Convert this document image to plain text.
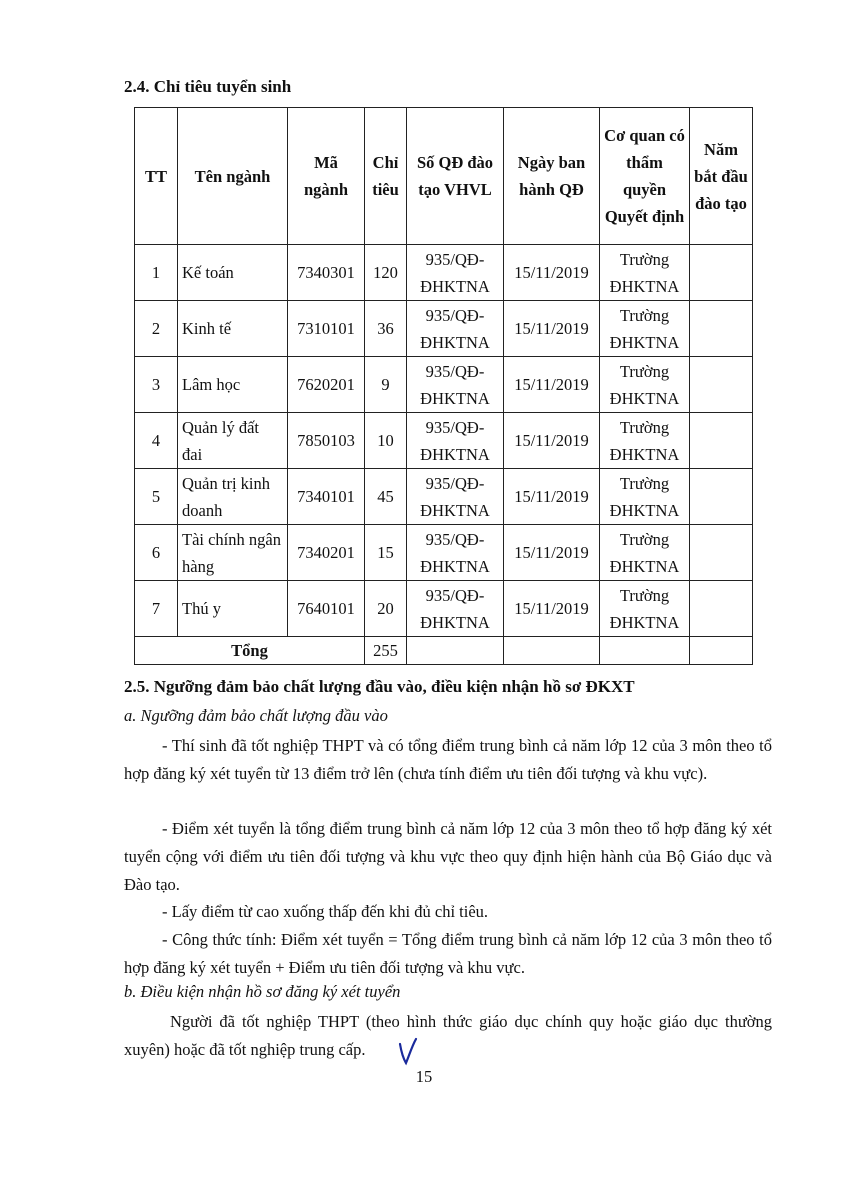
2.4. Chỉ tiêu tuyển sinh

TT	Tên ngành	Mã ngành	Chỉ tiêu	Số QĐ đào tạo VHVL	Ngày ban hành QĐ	Cơ quan có thẩm quyền Quyết định	Năm bắt đầu đào tạo
1	Kế toán	7340301	120	935/QĐ-ĐHKTNA	15/11/2019	Trường ĐHKTNA	
2	Kinh tế	7310101	36	935/QĐ-ĐHKTNA	15/11/2019	Trường ĐHKTNA	
3	Lâm học	7620201	9	935/QĐ-ĐHKTNA	15/11/2019	Trường ĐHKTNA	
4	Quản lý đất đai	7850103	10	935/QĐ-ĐHKTNA	15/11/2019	Trường ĐHKTNA	
5	Quản trị kinh doanh	7340101	45	935/QĐ-ĐHKTNA	15/11/2019	Trường ĐHKTNA	
6	Tài chính ngân hàng	7340201	15	935/QĐ-ĐHKTNA	15/11/2019	Trường ĐHKTNA	
7	Thú y	7640101	20	935/QĐ-ĐHKTNA	15/11/2019	Trường ĐHKTNA	
Tổng			255				

2.5. Ngưỡng đảm bảo chất lượng đầu vào, điều kiện nhận hồ sơ ĐKXT

a. Ngưỡng đảm bảo chất lượng đầu vào

- Thí sinh đã tốt nghiệp THPT và có tổng điểm trung bình cả năm lớp 12 của 3 môn theo tổ hợp đăng ký xét tuyển từ 13 điểm trở lên (chưa tính điểm ưu tiên đối tượng và khu vực).

- Điểm xét tuyển là tổng điểm trung bình cả năm lớp 12 của 3 môn theo tổ hợp đăng ký xét tuyển cộng với điểm ưu tiên đối tượng và khu vực theo quy định hiện hành của Bộ Giáo dục và Đào tạo.

- Lấy điểm từ cao xuống thấp đến khi đủ chỉ tiêu.

- Công thức tính: Điểm xét tuyển = Tổng điểm trung bình cả năm lớp 12 của 3 môn theo tổ hợp đăng ký xét tuyển + Điểm ưu tiên đối tượng và khu vực.

b. Điều kiện nhận hồ sơ đăng ký xét tuyển

Người đã tốt nghiệp THPT (theo hình thức giáo dục chính quy hoặc giáo dục thường xuyên) hoặc đã tốt nghiệp trung cấp.

15
